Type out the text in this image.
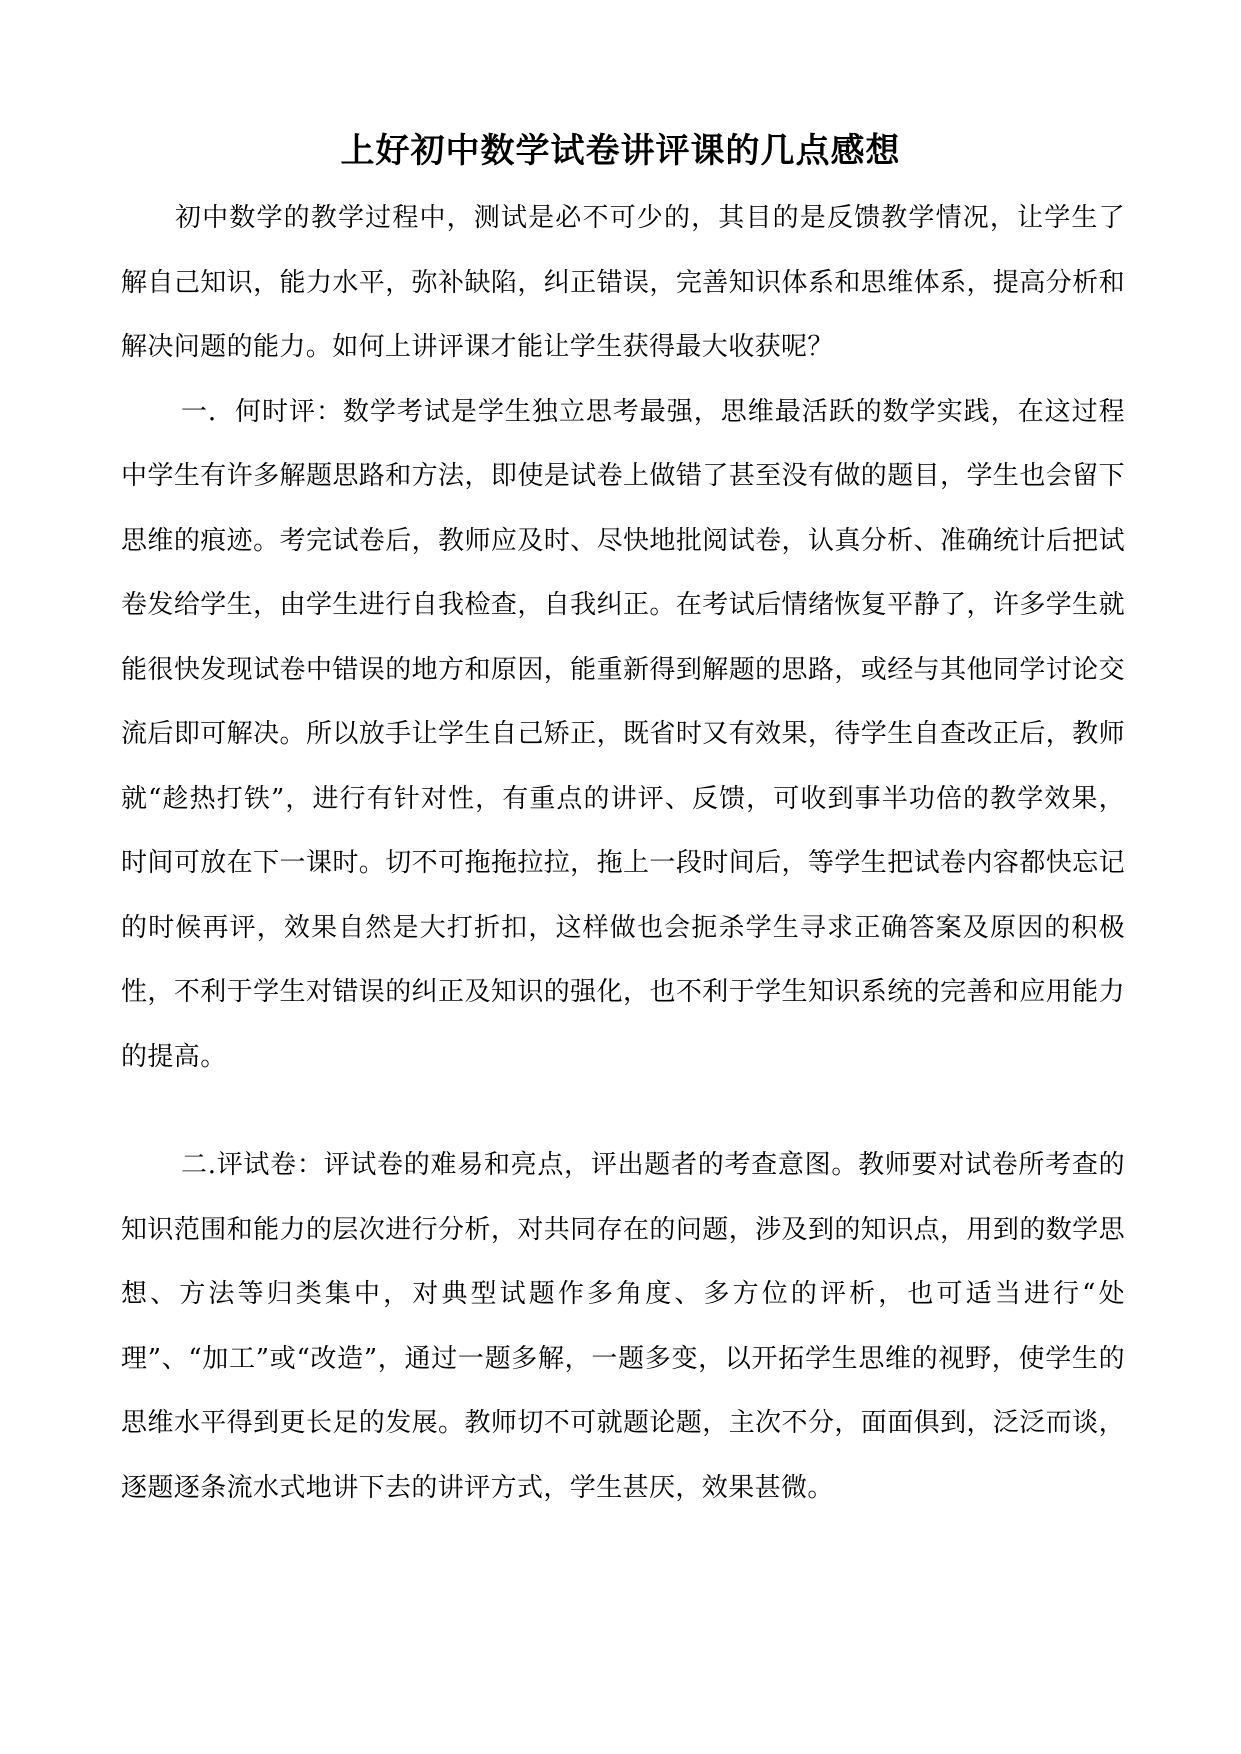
上好初中数学试卷讲评课的几点感想

初中数学的教学过程中，测试是必不可少的，其目的是反馈教学情况，让学生了解自己知识，能力水平，弥补缺陷，纠正错误，完善知识体系和思维体系，提高分析和解决问题的能力。如何上讲评课才能让学生获得最大收获呢？

一．何时评：数学考试是学生独立思考最强，思维最活跃的数学实践，在这过程中学生有许多解题思路和方法，即使是试卷上做错了甚至没有做的题目，学生也会留下思维的痕迹。考完试卷后，教师应及时、尽快地批阅试卷，认真分析、准确统计后把试卷发给学生，由学生进行自我检查，自我纠正。在考试后情绪恢复平静了，许多学生就能很快发现试卷中错误的地方和原因，能重新得到解题的思路，或经与其他同学讨论交流后即可解决。所以放手让学生自己矫正，既省时又有效果，待学生自查改正后，教师就“趁热打铁”，进行有针对性，有重点的讲评、反馈，可收到事半功倍的教学效果，时间可放在下一课时。切不可拖拖拉拉，拖上一段时间后，等学生把试卷内容都快忘记的时候再评，效果自然是大打折扣，这样做也会扼杀学生寻求正确答案及原因的积极性，不利于学生对错误的纠正及知识的强化，也不利于学生知识系统的完善和应用能力的提高。

二.评试卷：评试卷的难易和亮点，评出题者的考查意图。教师要对试卷所考查的知识范围和能力的层次进行分析，对共同存在的问题，涉及到的知识点，用到的数学思想、方法等归类集中，对典型试题作多角度、多方位的评析，也可适当进行“处理”、“加工”或“改造”，通过一题多解，一题多变，以开拓学生思维的视野，使学生的思维水平得到更长足的发展。教师切不可就题论题，主次不分，面面俱到，泛泛而谈，逐题逐条流水式地讲下去的讲评方式，学生甚厌，效果甚微。
